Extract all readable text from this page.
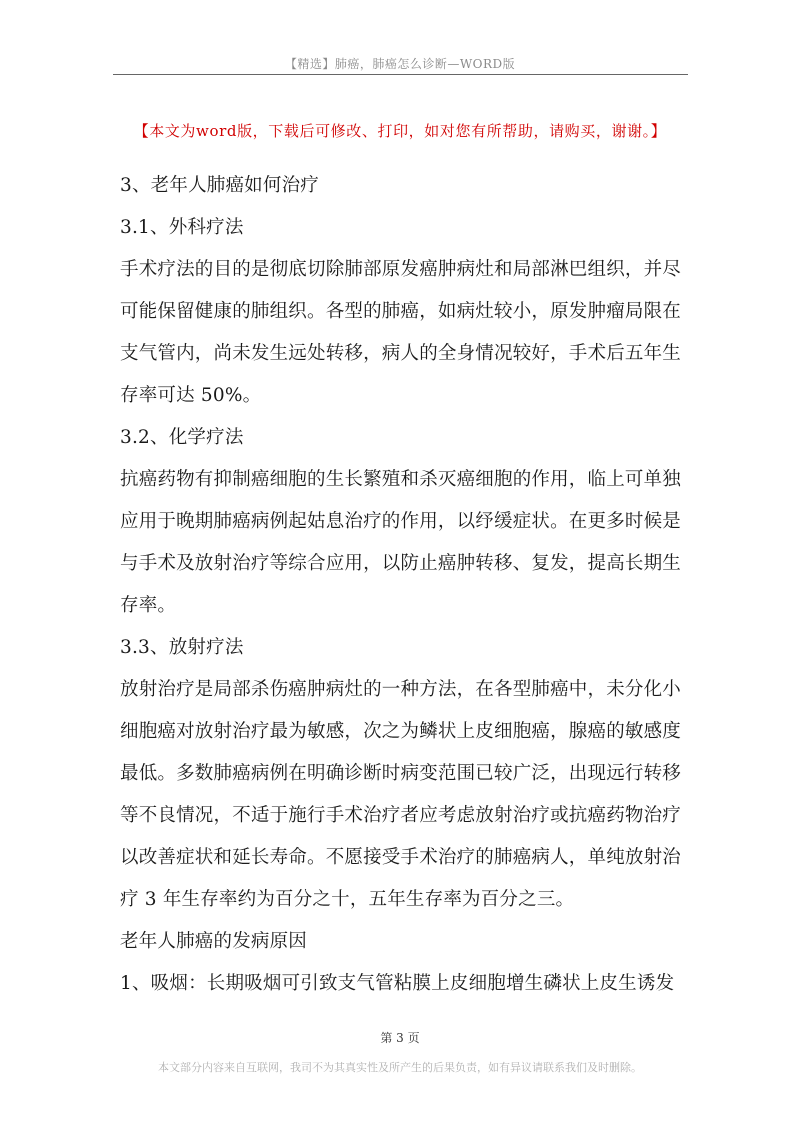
【精选】肺癌，肺癌怎么诊断—WORD版
【本文为word版，下载后可修改、打印，如对您有所帮助，请购买，谢谢。】
3、老年人肺癌如何治疗
3.1、外科疗法
手术疗法的目的是彻底切除肺部原发癌肿病灶和局部淋巴组织，并尽
可能保留健康的肺组织。各型的肺癌，如病灶较小，原发肿瘤局限在
支气管内，尚未发生远处转移，病人的全身情况较好，手术后五年生
存率可达 50%。
3.2、化学疗法
抗癌药物有抑制癌细胞的生长繁殖和杀灭癌细胞的作用，临上可单独
应用于晚期肺癌病例起姑息治疗的作用，以纾缓症状。在更多时候是
与手术及放射治疗等综合应用，以防止癌肿转移、复发，提高长期生
存率。
3.3、放射疗法
放射治疗是局部杀伤癌肿病灶的一种方法，在各型肺癌中，未分化小
细胞癌对放射治疗最为敏感，次之为鳞状上皮细胞癌，腺癌的敏感度
最低。多数肺癌病例在明确诊断时病变范围已较广泛，出现远行转移
等不良情况，不适于施行手术治疗者应考虑放射治疗或抗癌药物治疗
以改善症状和延长寿命。不愿接受手术治疗的肺癌病人，单纯放射治
疗 3 年生存率约为百分之十，五年生存率为百分之三。
老年人肺癌的发病原因
1、吸烟：长期吸烟可引致支气管粘膜上皮细胞增生磷状上皮生诱发
第 3 页
本文部分内容来自互联网，我司不为其真实性及所产生的后果负责，如有异议请联系我们及时删除。
